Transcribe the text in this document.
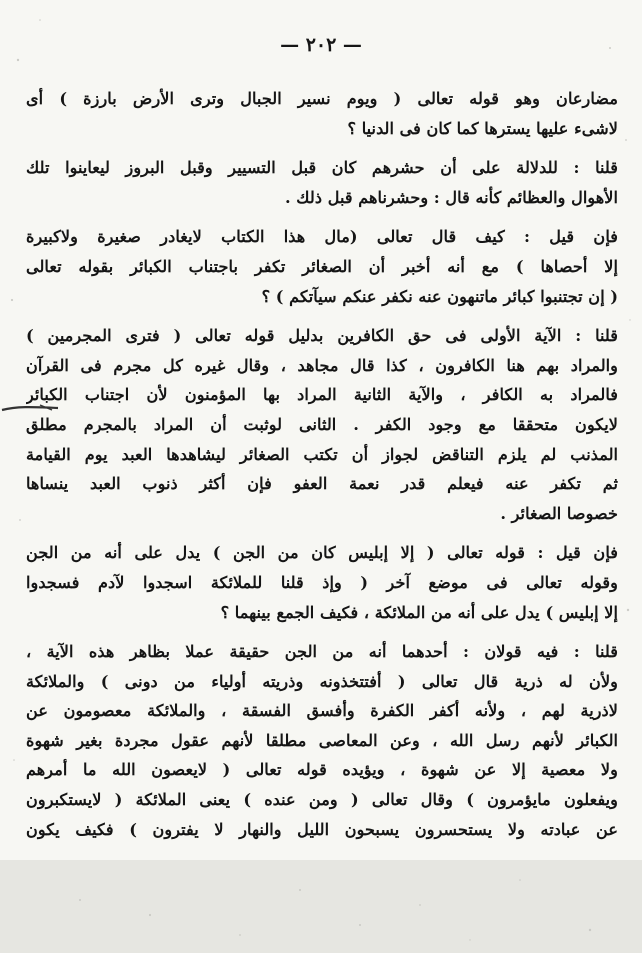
— ٢٠٢ —
مضارعان وهو قوله تعالى ( ويوم نسير الجبال وترى الأرض بارزة ) أى
لاشىء عليها يسترها كما كان فى الدنيا ؟
قلنا : للدلالة على أن حشرهم كان قبل التسيير وقبل البروز ليعاينوا تلك
الأهوال والعظائم كأنه قال : وحشرناهم قبل ذلك .
فإن قيل : كيف قال تعالى (مال هذا الكتاب لايغادر صغيرة ولاكبيرة
إلا أحصاها ) مع أنه أخبر أن الصغائر تكفر باجتناب الكبائر بقوله تعالى
( إن تجتنبوا كبائر ماتنهون عنه نكفر عنكم سيآتكم ) ؟
قلنا : الآية الأولى فى حق الكافرين بدليل قوله تعالى ( فترى المجرمين )
والمراد بهم هنا الكافرون ، كذا قال مجاهد ، وقال غيره كل مجرم فى القرآن
فالمراد به الكافر ، والآية الثانية المراد بها المؤمنون لأن اجتناب الكبائر
لايكون متحققا مع وجود الكفر . الثانى لوثبت أن المراد بالمجرم مطلق
المذنب لم يلزم التناقض لجواز أن تكتب الصغائر ليشاهدها العبد يوم القيامة
ثم تكفر عنه فيعلم قدر نعمة العفو فإن أكثر ذنوب العبد ينساها
خصوصا الصغائر .
فإن قيل : قوله تعالى ( إلا إبليس كان من الجن ) يدل على أنه من الجن
وقوله تعالى فى موضع آخر ( وإذ قلنا للملائكة اسجدوا لآدم فسجدوا
إلا إبليس ) يدل على أنه من الملائكة ، فكيف الجمع بينهما ؟
قلنا : فيه قولان : أحدهما أنه من الجن حقيقة عملا بظاهر هذه الآية ،
ولأن له ذرية قال تعالى ( أفتتخذونه وذريته أولياء من دونى ) والملائكة
لاذرية لهم ، ولأنه أكفر الكفرة وأفسق الفسقة ، والملائكة معصومون عن
الكبائر لأنهم رسل الله ، وعن المعاصى مطلقا لأنهم عقول مجردة بغير شهوة
ولا معصية إلا عن شهوة ، ويؤيده قوله تعالى ( لايعصون الله ما أمرهم
ويفعلون مايؤمرون ) وقال تعالى ( ومن عنده ) يعنى الملائكة ( لايستكبرون
عن عبادته ولا يستحسرون يسبحون الليل والنهار لا يفترون ) فكيف يكون
